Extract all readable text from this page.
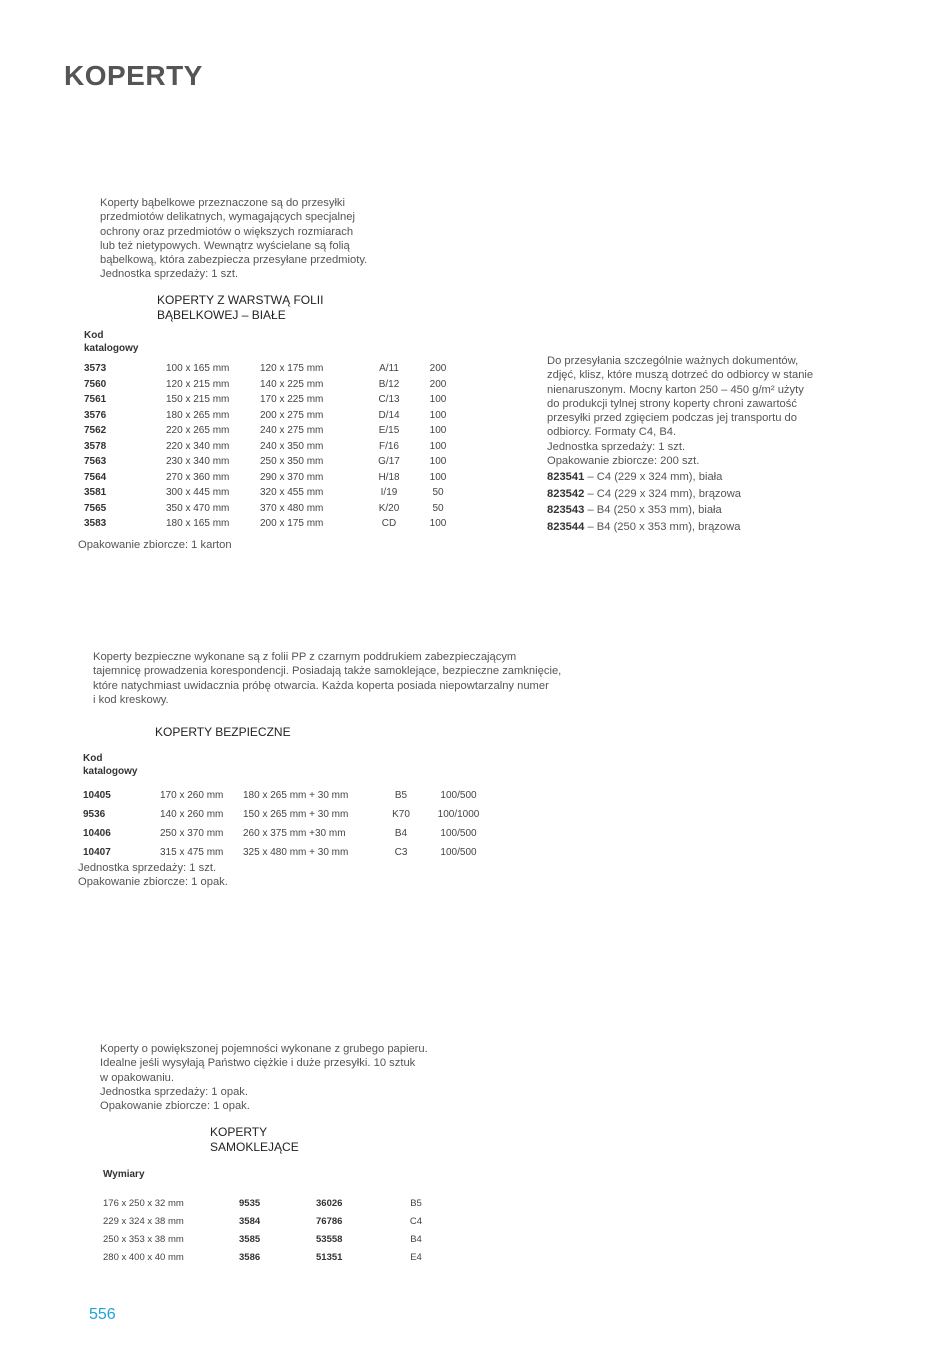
KOPERTY
Koperty bąbelkowe przeznaczone są do przesyłki
przedmiotów delikatnych, wymagających specjalnej
ochrony oraz przedmiotów o większych rozmiarach
lub też nietypowych. Wewnątrz wyścielane są folią
bąbelkową, która zabezpiecza przesyłane przedmioty.
Jednostka sprzedaży: 1 szt.
KOPERTY Z WARSTWĄ FOLII
BĄBELKOWEJ – BIAŁE
Kod
katalogowy
3573	100 x 165 mm	120 x 175 mm	A/11	200
7560	120 x 215 mm	140 x 225 mm	B/12	200
7561	150 x 215 mm	170 x 225 mm	C/13	100
3576	180 x 265 mm	200 x 275 mm	D/14	100
7562	220 x 265 mm	240 x 275 mm	E/15	100
3578	220 x 340 mm	240 x 350 mm	F/16	100
7563	230 x 340 mm	250 x 350 mm	G/17	100
7564	270 x 360 mm	290 x 370 mm	H/18	100
3581	300 x 445 mm	320 x 455 mm	I/19	50
7565	350 x 470 mm	370 x 480 mm	K/20	50
3583	180 x 165 mm	200 x 175 mm	CD	100
Opakowanie zbiorcze: 1 karton
Do przesyłania szczególnie ważnych dokumentów,
zdjęć, klisz, które muszą dotrzeć do odbiorcy w stanie
nienaruszonym. Mocny karton 250 – 450 g/m² użyty
do produkcji tylnej strony koperty chroni zawartość
przesyłki przed zgięciem podczas jej transportu do
odbiorcy. Formaty C4, B4.
Jednostka sprzedaży: 1 szt.
Opakowanie zbiorcze: 200 szt.
823541 – C4 (229 x 324 mm), biała
823542 – C4 (229 x 324 mm), brązowa
823543 – B4 (250 x 353 mm), biała
823544 – B4 (250 x 353 mm), brązowa
Koperty bezpieczne wykonane są z folii PP z czarnym poddrukiem zabezpieczającym
tajemnicę prowadzenia korespondencji. Posiadają także samoklejące, bezpieczne zamknięcie,
które natychmiast uwidacznia próbę otwarcia. Każda koperta posiada niepowtarzalny numer
i kod kreskowy.
KOPERTY BEZPIECZNE
Kod
katalogowy
10405	170 x 260 mm	180 x 265 mm + 30 mm	B5	100/500
9536	140 x 260 mm	150 x 265 mm + 30 mm	K70	100/1000
10406	250 x 370 mm	260 x 375 mm +30 mm	B4	100/500
10407	315 x 475 mm	325 x 480 mm + 30 mm	C3	100/500
Jednostka sprzedaży: 1 szt.
Opakowanie zbiorcze: 1 opak.
Koperty o powiększonej pojemności wykonane z grubego papieru.
Idealne jeśli wysyłają Państwo ciężkie i duże przesyłki. 10 sztuk
w opakowaniu.
Jednostka sprzedaży: 1 opak.
Opakowanie zbiorcze: 1 opak.
KOPERTY
SAMOKLEJĄCE
Wymiary
176 x 250 x 32 mm	9535	36026	B5
229 x 324 x 38 mm	3584	76786	C4
250 x 353 x 38 mm	3585	53558	B4
280 x 400 x 40 mm	3586	51351	E4
556
